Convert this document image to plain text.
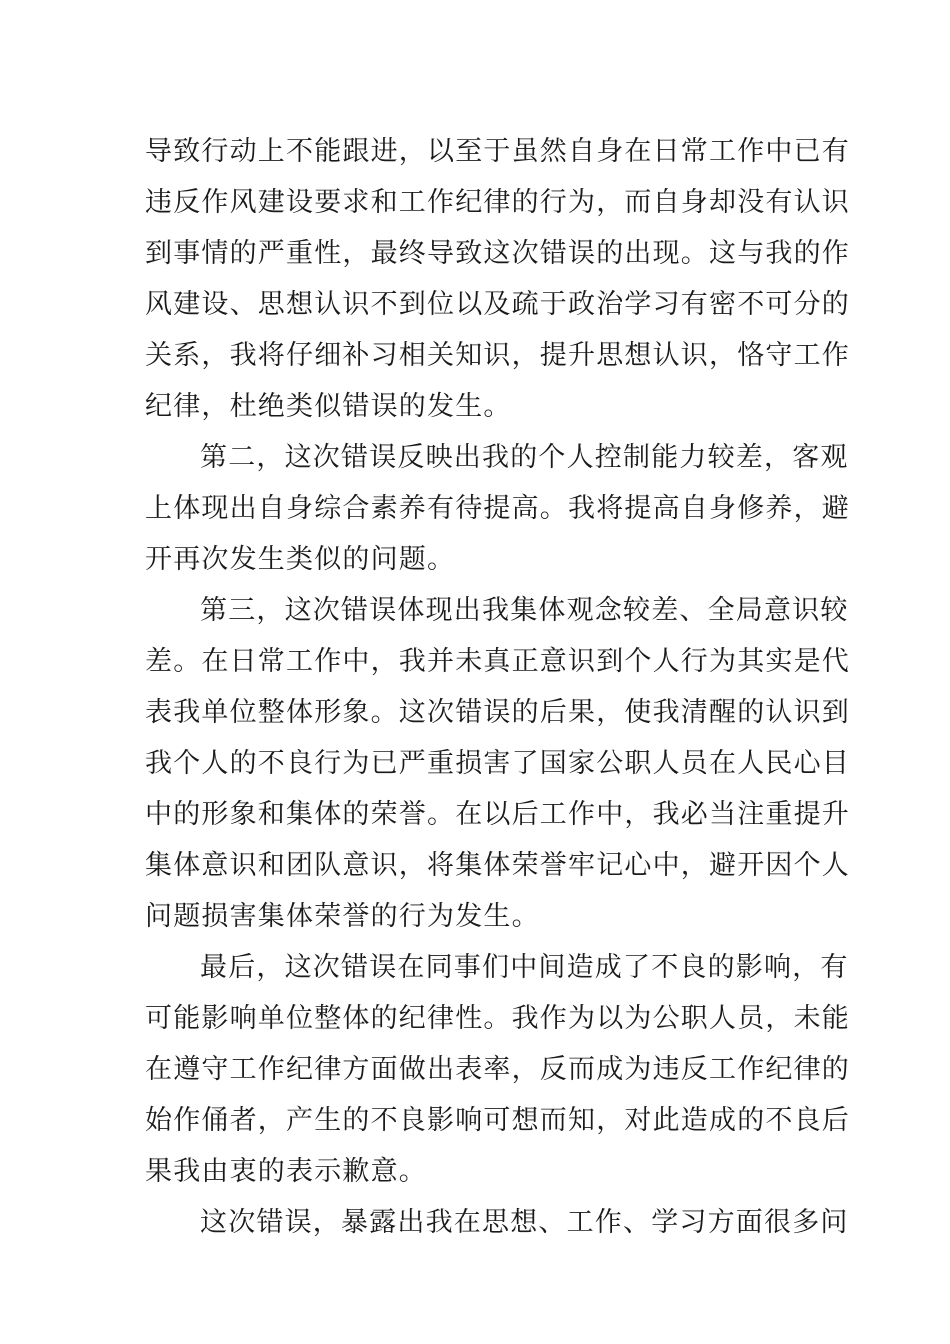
导致行动上不能跟进，以至于虽然自身在日常工作中已有
违反作风建设要求和工作纪律的行为，而自身却没有认识
到事情的严重性，最终导致这次错误的出现。这与我的作
风建设、思想认识不到位以及疏于政治学习有密不可分的
关系，我将仔细补习相关知识，提升思想认识，恪守工作
纪律，杜绝类似错误的发生。
第二，这次错误反映出我的个人控制能力较差，客观
上体现出自身综合素养有待提高。我将提高自身修养，避
开再次发生类似的问题。
第三，这次错误体现出我集体观念较差、全局意识较
差。在日常工作中，我并未真正意识到个人行为其实是代
表我单位整体形象。这次错误的后果，使我清醒的认识到
我个人的不良行为已严重损害了国家公职人员在人民心目
中的形象和集体的荣誉。在以后工作中，我必当注重提升
集体意识和团队意识，将集体荣誉牢记心中，避开因个人
问题损害集体荣誉的行为发生。
最后，这次错误在同事们中间造成了不良的影响，有
可能影响单位整体的纪律性。我作为以为公职人员，未能
在遵守工作纪律方面做出表率，反而成为违反工作纪律的
始作俑者，产生的不良影响可想而知，对此造成的不良后
果我由衷的表示歉意。
这次错误，暴露出我在思想、工作、学习方面很多问
